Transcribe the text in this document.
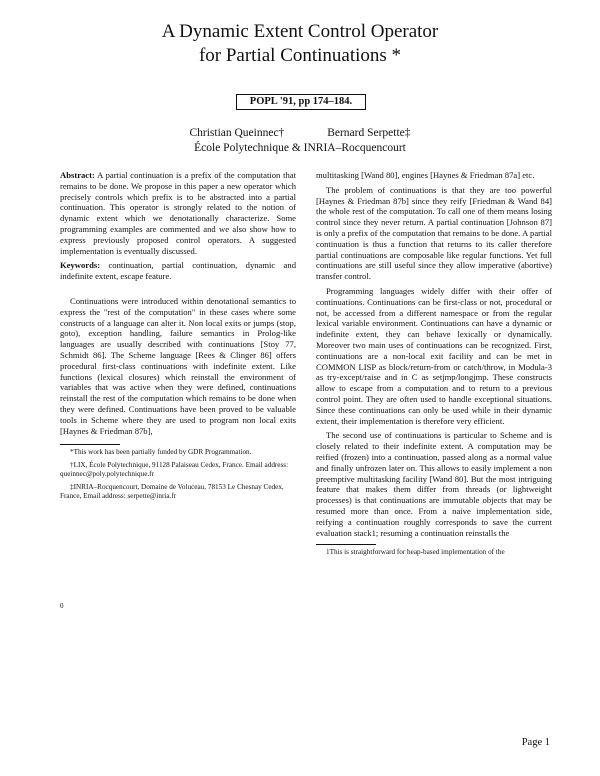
A Dynamic Extent Control Operator
for Partial Continuations *
POPL '91, pp 174–184.
Christian Queinnec†	Bernard Serpette‡
École Polytechnique & INRIA–Rocquencourt

Abstract: A partial continuation is a prefix of the computation that remains to be done. We propose in this paper a new operator which precisely controls which prefix is to be abstracted into a partial continuation. This operator is strongly related to the notion of dynamic extent which we denotationally characterize. Some programming examples are commented and we also show how to express previously proposed control operators. A suggested implementation is eventually discussed.

Keywords: continuation, partial continuation, dynamic and indefinite extent, escape feature.

Continuations were introduced within denotational semantics to express the "rest of the computation" in these cases where some constructs of a language can alter it. Non local exits or jumps (stop, goto), exception handling, failure semantics in Prolog-like languages are usually described with continuations [Stoy 77, Schmidt 86]. The Scheme language [Rees & Clinger 86] offers procedural first-class continuations with indefinite extent. Like functions (lexical closures) which reinstall the environment of variables that was active when they were defined, continuations reinstall the rest of the computation which remains to be done when they were defined. Continuations have been proved to be valuable tools in Scheme where they are used to program non local exits [Haynes & Friedman 87b],

*This work has been partially funded by GDR Programmation.

†LIX, École Polytechnique, 91128 Palaiseau Cedex, France. Email address: queinnec@poly.polytechnique.fr

‡INRIA–Rocquencourt, Domaine de Voluceau, 78153 Le Chesnay Cedex, France, Email address: serpette@inria.fr

0

multitasking [Wand 80], engines [Haynes & Friedman 87a] etc.

The problem of continuations is that they are too powerful [Haynes & Friedman 87b] since they reify [Friedman & Wand 84] the whole rest of the computation. To call one of them means losing control since they never return. A partial continuation [Johnson 87] is only a prefix of the computation that remains to be done. A partial continuation is thus a function that returns to its caller therefore partial continuations are composable like regular functions. Yet full continuations are still useful since they allow imperative (abortive) transfer control.

Programming languages widely differ with their offer of continuations. Continuations can be first-class or not, procedural or not, be accessed from a different namespace or from the regular lexical variable environment. Continuations can have a dynamic or indefinite extent, they can behave lexically or dynamically. Moreover two main uses of continuations can be recognized. First, continuations are a non-local exit facility and can be met in COMMON LISP as block/return-from or catch/throw, in Modula-3 as try-except/raise and in C as setjmp/longjmp. These constructs allow to escape from a computation and to return to a previous control point. They are often used to handle exceptional situations. Since these continuations can only be used while in their dynamic extent, their implementation is therefore very efficient.

The second use of continuations is particular to Scheme and is closely related to their indefinite extent. A computation may be reified (frozen) into a continuation, passed along as a normal value and finally unfrozen later on. This allows to easily implement a non preemptive multitasking facility [Wand 80]. But the most intriguing feature that makes them differ from threads (or lightweight processes) is that continuations are immutable objects that may be resumed more than once. From a naive implementation side, reifying a continuation roughly corresponds to save the current evaluation stack1; resuming a continuation reinstalls the

1This is straightforward for heap-based implementation of the

Page 1
